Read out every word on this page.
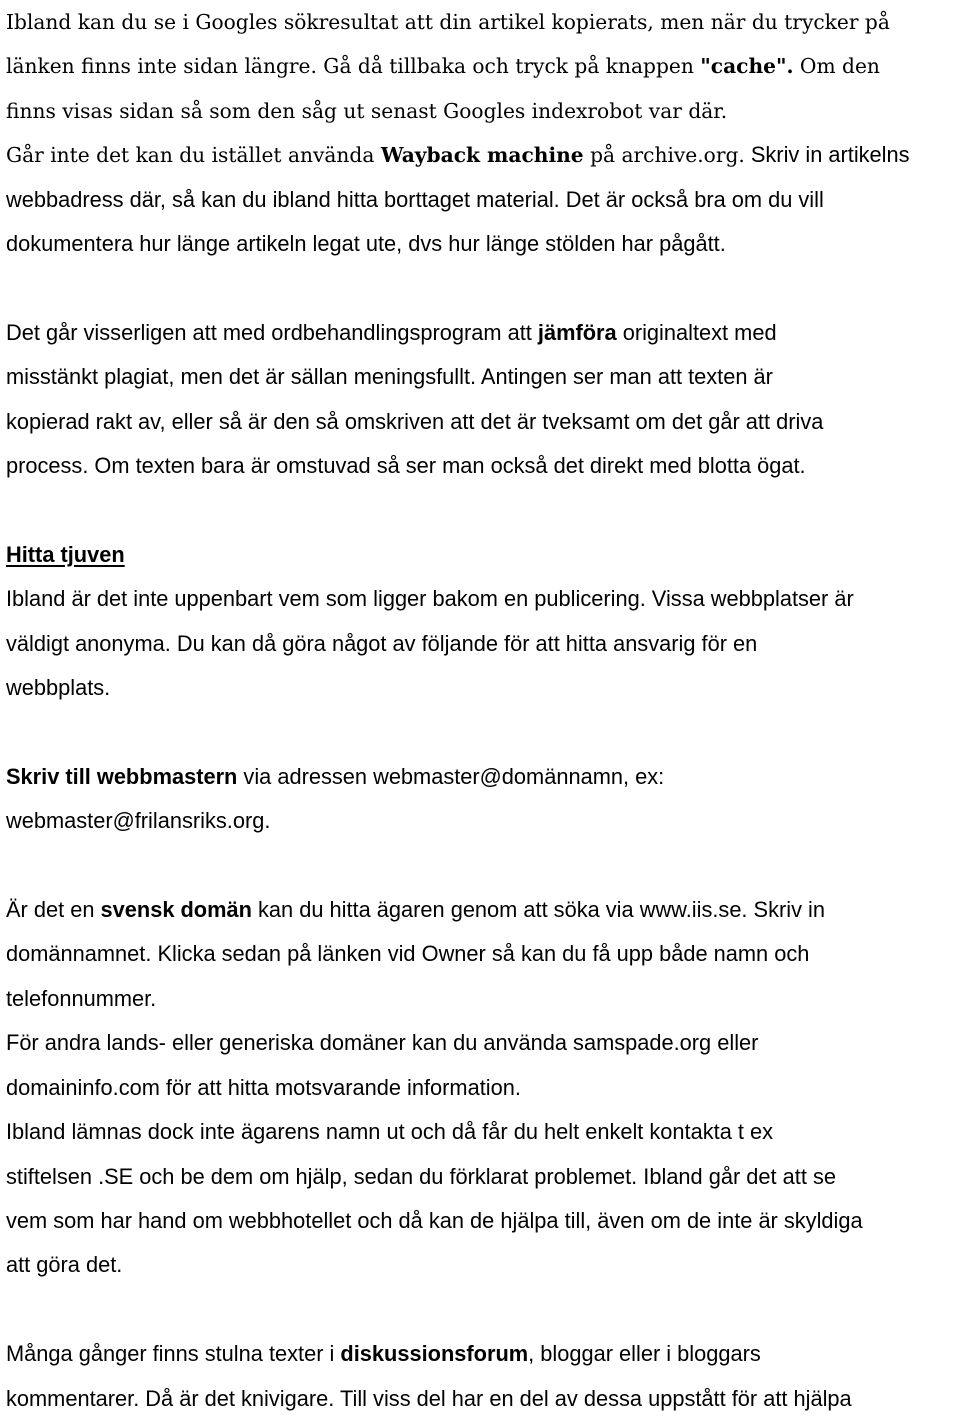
Ibland kan du se i Googles sökresultat att din artikel kopierats, men när du trycker på
länken finns inte sidan längre. Gå då tillbaka och tryck på knappen "cache". Om den
finns visas sidan så som den såg ut senast Googles indexrobot var där.
Går inte det kan du istället använda Wayback machine på archive.org. Skriv in artikelns
webbadress där, så kan du ibland hitta borttaget material. Det är också bra om du vill
dokumentera hur länge artikeln legat ute, dvs hur länge stölden har pågått.

Det går visserligen att med ordbehandlingsprogram att jämföra originaltext med
misstänkt plagiat, men det är sällan meningsfullt. Antingen ser man att texten är
kopierad rakt av, eller så är den så omskriven att det är tveksamt om det går att driva
process. Om texten bara är omstuvad så ser man också det direkt med blotta ögat.

Hitta tjuven
Ibland är det inte uppenbart vem som ligger bakom en publicering. Vissa webbplatser är
väldigt anonyma. Du kan då göra något av följande för att hitta ansvarig för en
webbplats.

Skriv till webbmastern via adressen webmaster@domännamn, ex:
webmaster@frilansriks.org.

Är det en svensk domän kan du hitta ägaren genom att söka via www.iis.se. Skriv in
domännamnet. Klicka sedan på länken vid Owner så kan du få upp både namn och
telefonnummer.
För andra lands- eller generiska domäner kan du använda samspade.org eller
domaininfo.com för att hitta motsvarande information.
Ibland lämnas dock inte ägarens namn ut och då får du helt enkelt kontakta t ex
stiftelsen .SE och be dem om hjälp, sedan du förklarat problemet. Ibland går det att se
vem som har hand om webbhotellet och då kan de hjälpa till, även om de inte är skyldiga
att göra det.

Många gånger finns stulna texter i diskussionsforum, bloggar eller i bloggars
kommentarer. Då är det knivigare. Till viss del har en del av dessa uppstått för att hjälpa
